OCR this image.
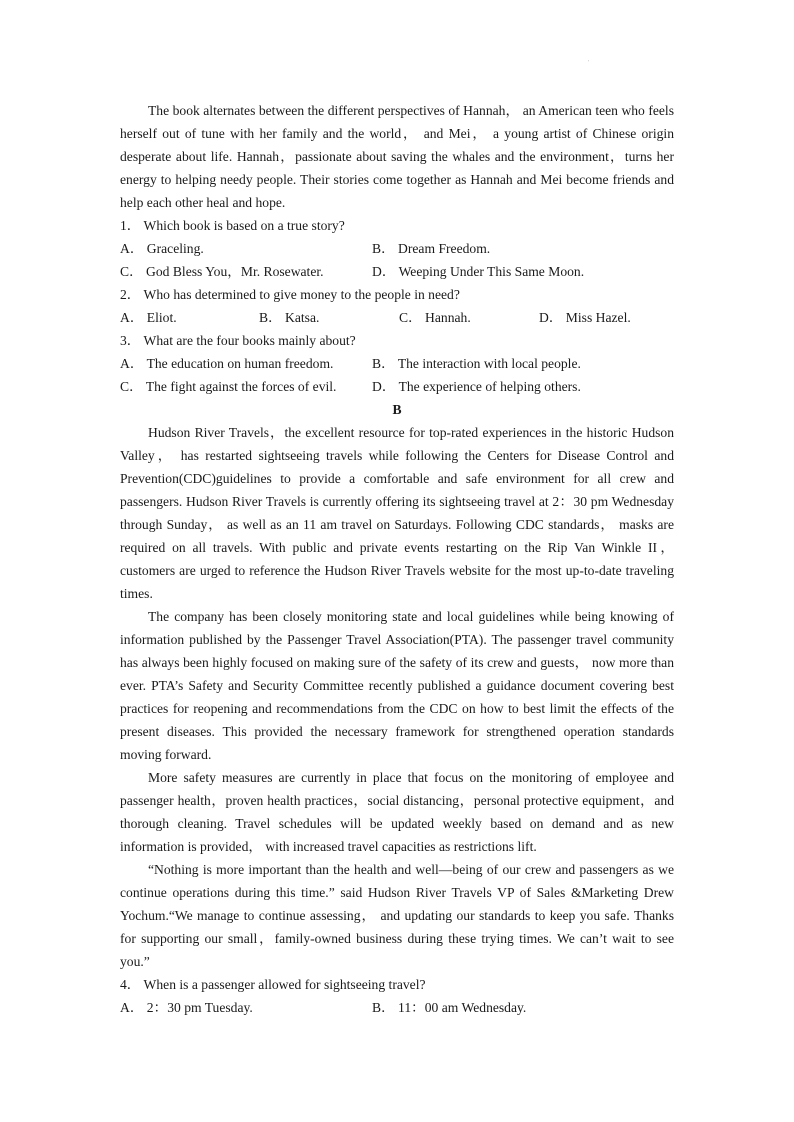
'

The book alternates between the different perspectives of Hannah， an American teen who feels herself out of tune with her family and the world， and Mei， a young artist of Chinese origin desperate about life. Hannah，passionate about saving the whales and the environment，turns her energy to helping needy people. Their stories come together as Hannah and Mei become friends and help each other heal and hope.

1． Which book is based on a true story?

A． Graceling.	B． Dream Freedom.
C． God Bless You，Mr. Rosewater.	D． Weeping Under This Same Moon.

2． Who has determined to give money to the people in need?

A． Eliot.	B． Katsa.	C． Hannah.	D． Miss Hazel.

3． What are the four books mainly about?

A． The education on human freedom.	B． The interaction with local people.
C． The fight against the forces of evil.	D． The experience of helping others.

B

Hudson River Travels，the excellent resource for top-rated experiences in the historic Hudson Valley， has restarted sightseeing travels while following the Centers for Disease Control and Prevention(CDC)guidelines to provide a comfortable and safe environment for all crew and passengers. Hudson River Travels is currently offering its sightseeing travel at 2：30 pm Wednesday through Sunday， as well as an 11 am travel on Saturdays. Following CDC standards， masks are required on all travels. With public and private events restarting on the Rip Van Winkle II， customers are urged to reference the Hudson River Travels website for the most up-to-date traveling times.

The company has been closely monitoring state and local guidelines while being knowing of information published by the Passenger Travel Association(PTA). The passenger travel community has always been highly focused on making sure of the safety of its crew and guests， now more than ever. PTA’s Safety and Security Committee recently published a guidance document covering best practices for reopening and recommendations from the CDC on how to best limit the effects of the present diseases. This provided the necessary framework for strengthened operation standards moving forward.

More safety measures are currently in place that focus on the monitoring of employee and passenger health，proven health practices，social distancing，personal protective equipment，and thorough cleaning. Travel schedules will be updated weekly based on demand and as new information is provided， with increased travel capacities as restrictions lift.

“Nothing is more important than the health and well—being of our crew and passengers as we continue operations during this time.” said Hudson River Travels VP of Sales &Marketing Drew Yochum.“We manage to continue assessing， and updating our standards to keep you safe. Thanks for supporting our small，family-owned business during these trying times. We can’t wait to see you.”

4． When is a passenger allowed for sightseeing travel?

A． 2：30 pm Tuesday.	B． 11：00 am Wednesday.
